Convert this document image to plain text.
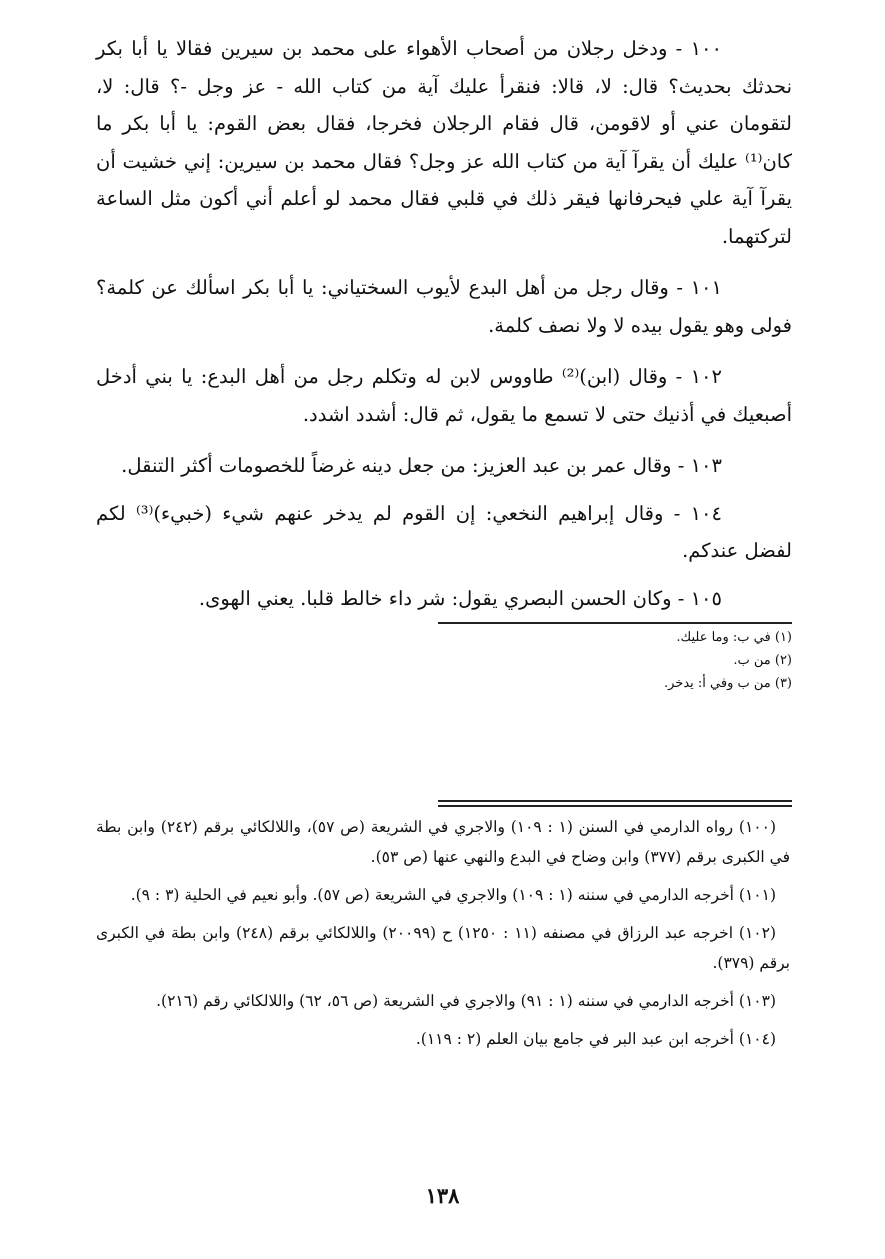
١٠٠ - ودخل رجلان من أصحاب الأهواء على محمد بن سيرين فقالا يا أبا بكر نحدثك بحديث؟ قال: لا، قالا: فنقرأ عليك آية من كتاب الله - عز وجل -؟ قال: لا، لتقومان عني أو لاقومن، قال فقام الرجلان فخرجا، فقال بعض القوم: يا أبا بكر ما كان⁽¹⁾ عليك أن يقرآ آية من كتاب الله عز وجل؟ فقال محمد بن سيرين: إني خشيت أن يقرآ آية علي فيحرفانها فيقر ذلك في قلبي فقال محمد لو أعلم أني أكون مثل الساعة لتركتهما.

١٠١ - وقال رجل من أهل البدع لأيوب السختياني: يا أبا بكر اسألك عن كلمة؟ فولى وهو يقول بيده لا ولا نصف كلمة.

١٠٢ - وقال (ابن)⁽²⁾ طاووس لابن له وتكلم رجل من أهل البدع: يا بني أدخل أصبعيك في أذنيك حتى لا تسمع ما يقول، ثم قال: أشدد اشدد.

١٠٣ - وقال عمر بن عبد العزيز: من جعل دينه غرضاً للخصومات أكثر التنقل.

١٠٤ - وقال إبراهيم النخعي: إن القوم لم يدخر عنهم شيء (خبيء)⁽³⁾ لكم لفضل عندكم.

١٠٥ - وكان الحسن البصري يقول: شر داء خالط قلبا. يعني الهوى.

(١) في ب: وما عليك.
(٢) من ب.
(٣) من ب وفي أ: يدخر.

(١٠٠) رواه الدارمي في السنن (١ : ١٠٩) والاجري في الشريعة (ص ٥٧)، واللالكائي برقم (٢٤٢) وابن بطة في الكبرى برقم (٣٧٧) وابن وضاح في البدع والنهي عنها (ص ٥٣).

(١٠١) أخرجه الدارمي في سننه (١ : ١٠٩) والاجري في الشريعة (ص ٥٧). وأبو نعيم في الحلية (٣ : ٩).

(١٠٢) اخرجه عبد الرزاق في مصنفه (١١ : ١٢٥٠) ح (٢٠٠٩٩) واللالكائي برقم (٢٤٨) وابن بطة في الكبرى برقم (٣٧٩).

(١٠٣) أخرجه الدارمي في سننه (١ : ٩١) والاجري في الشريعة (ص ٥٦، ٦٢) واللالكائي رقم (٢١٦).

(١٠٤) أخرجه ابن عبد البر في جامع بيان العلم (٢ : ١١٩).

١٣٨
